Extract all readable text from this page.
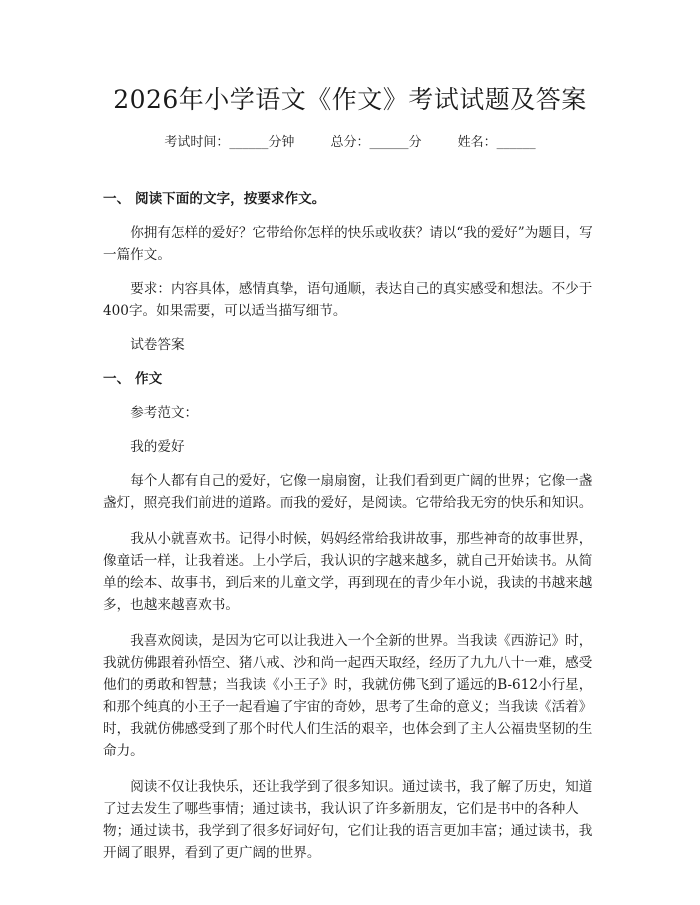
2026年小学语文《作文》考试试题及答案
考试时间：______分钟	总分：______分	姓名：______

一、 阅读下面的文字，按要求作文。

你拥有怎样的爱好？它带给你怎样的快乐或收获？请以“我的爱好”为题目，写一篇作文。

要求：内容具体，感情真挚，语句通顺，表达自己的真实感受和想法。不少于400字。如果需要，可以适当描写细节。

试卷答案

一、 作文

参考范文：

我的爱好

每个人都有自己的爱好，它像一扇扇窗，让我们看到更广阔的世界；它像一盏盏灯，照亮我们前进的道路。而我的爱好，是阅读。它带给我无穷的快乐和知识。

我从小就喜欢书。记得小时候，妈妈经常给我讲故事，那些神奇的故事世界，像童话一样，让我着迷。上小学后，我认识的字越来越多，就自己开始读书。从简单的绘本、故事书，到后来的儿童文学，再到现在的青少年小说，我读的书越来越多，也越来越喜欢书。

我喜欢阅读，是因为它可以让我进入一个全新的世界。当我读《西游记》时，我就仿佛跟着孙悟空、猪八戒、沙和尚一起西天取经，经历了九九八十一难，感受他们的勇敢和智慧；当我读《小王子》时，我就仿佛飞到了遥远的B-612小行星，和那个纯真的小王子一起看遍了宇宙的奇妙，思考了生命的意义；当我读《活着》时，我就仿佛感受到了那个时代人们生活的艰辛，也体会到了主人公福贵坚韧的生命力。

阅读不仅让我快乐，还让我学到了很多知识。通过读书，我了解了历史，知道了过去发生了哪些事情；通过读书，我认识了许多新朋友，它们是书中的各种人物；通过读书，我学到了很多好词好句，它们让我的语言更加丰富；通过读书，我开阔了眼界，看到了更广阔的世界。
